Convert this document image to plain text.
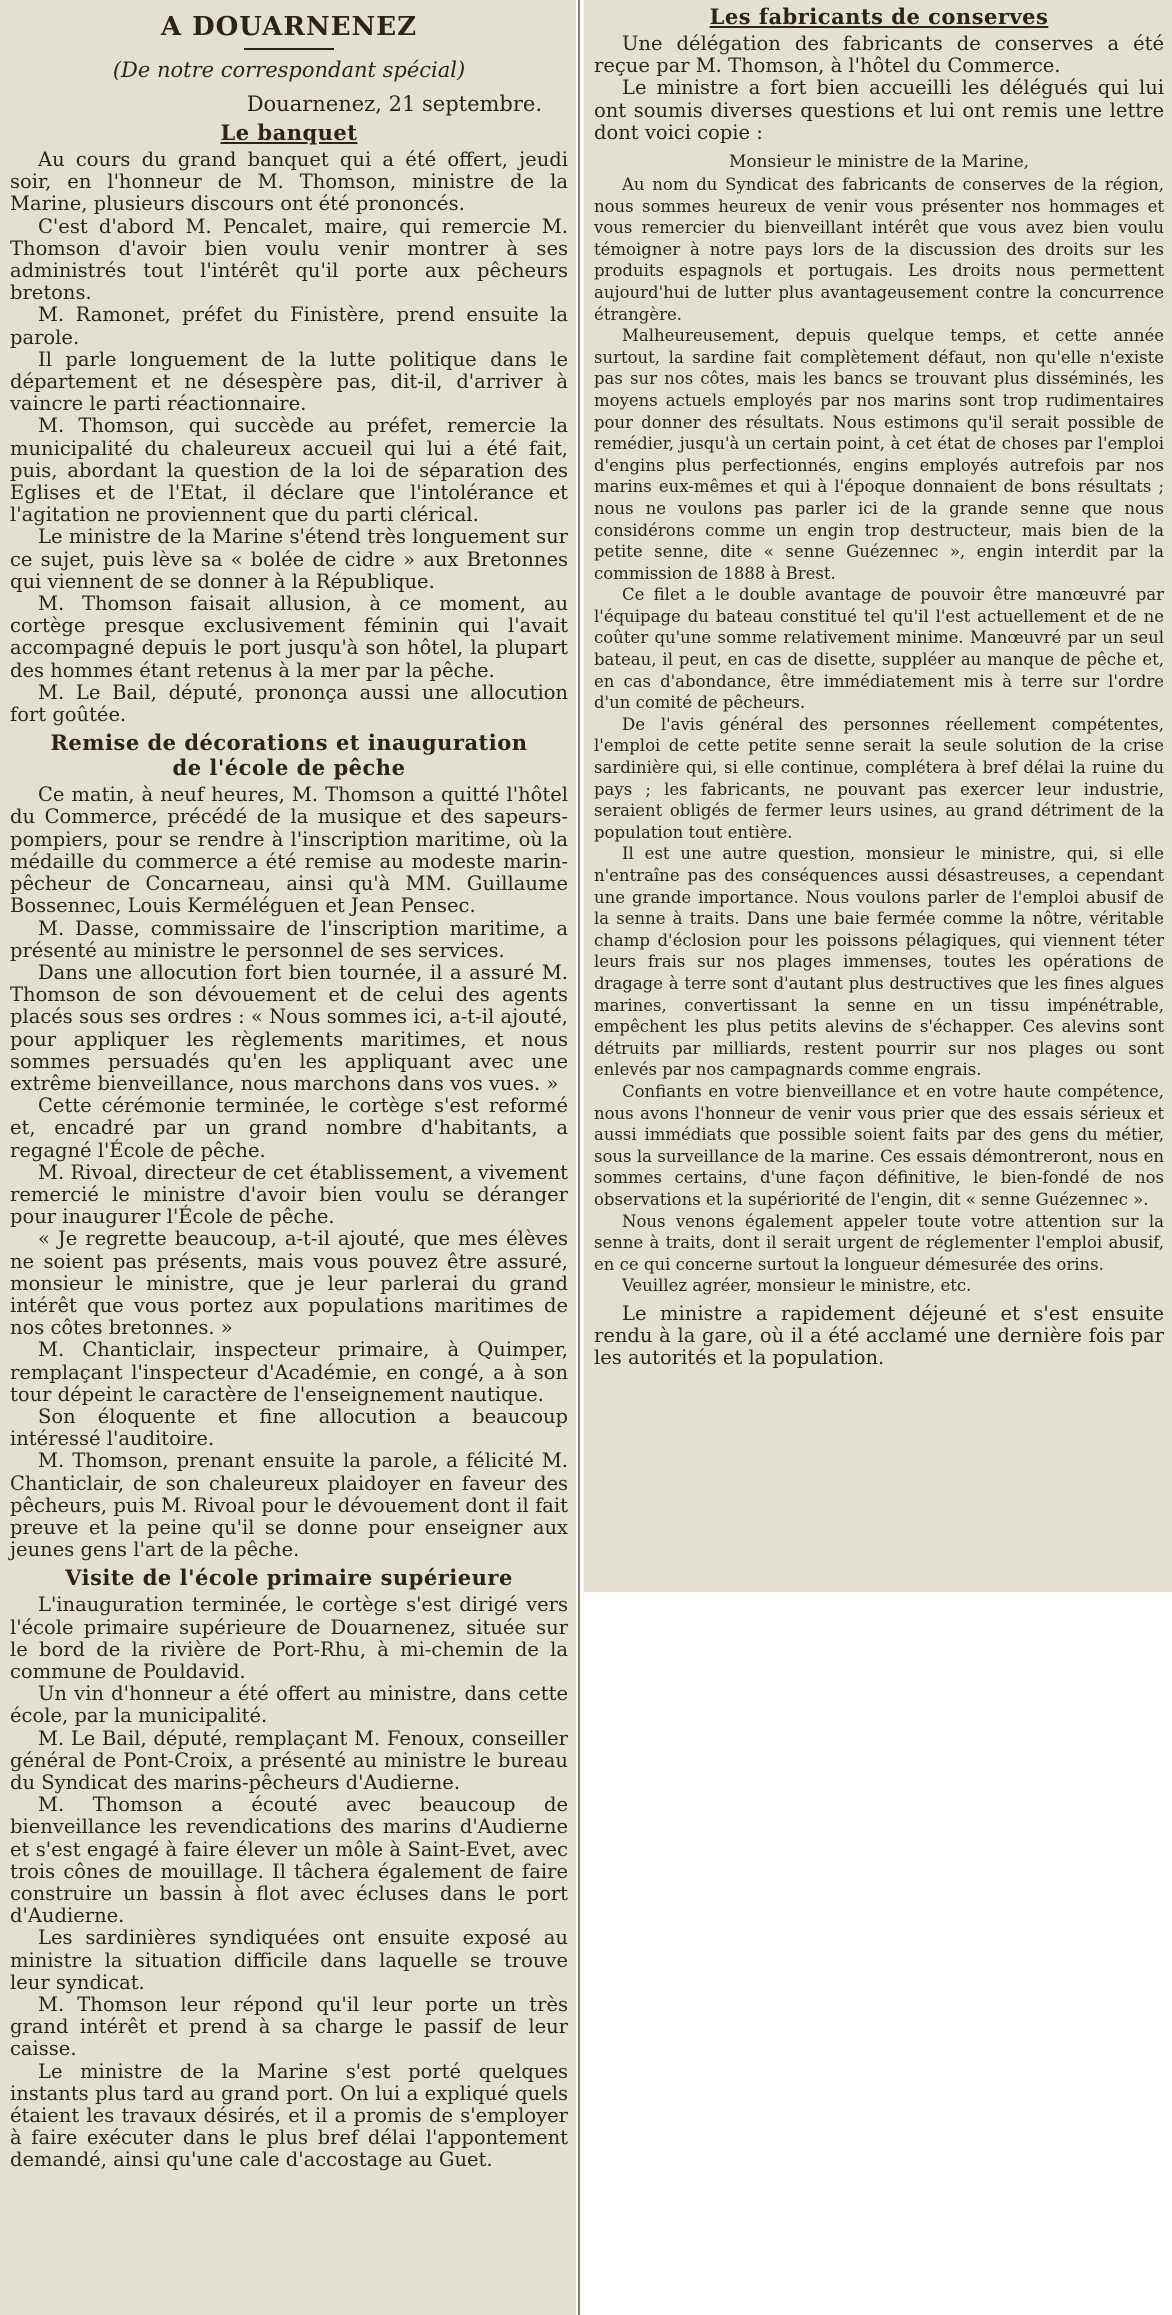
A DOUARNENEZ
(De notre correspondant spécial)
Douarnenez, 21 septembre.
Le banquet

Au cours du grand banquet qui a été offert, jeudi soir, en l'honneur de M. Thomson, ministre de la Marine, plusieurs discours ont été prononcés.

C'est d'abord M. Pencalet, maire, qui remercie M. Thomson d'avoir bien voulu venir montrer à ses administrés tout l'intérêt qu'il porte aux pêcheurs bretons.

M. Ramonet, préfet du Finistère, prend ensuite la parole.

Il parle longuement de la lutte politique dans le département et ne désespère pas, dit-il, d'arriver à vaincre le parti réactionnaire.

M. Thomson, qui succède au préfet, remercie la municipalité du chaleureux accueil qui lui a été fait, puis, abordant la question de la loi de séparation des Eglises et de l'Etat, il déclare que l'intolérance et l'agitation ne proviennent que du parti clérical.

Le ministre de la Marine s'étend très longuement sur ce sujet, puis lève sa « bolée de cidre » aux Bretonnes qui viennent de se donner à la République.

M. Thomson faisait allusion, à ce moment, au cortège presque exclusivement féminin qui l'avait accompagné depuis le port jusqu'à son hôtel, la plupart des hommes étant retenus à la mer par la pêche.

M. Le Bail, député, prononça aussi une allocution fort goûtée.

Remise de décorations et inauguration
de l'école de pêche

Ce matin, à neuf heures, M. Thomson a quitté l'hôtel du Commerce, précédé de la musique et des sapeurs-pompiers, pour se rendre à l'inscription maritime, où la médaille du commerce a été remise au modeste marin-pêcheur de Concarneau, ainsi qu'à MM. Guillaume Bossennec, Louis Kerméléguen et Jean Pensec.

M. Dasse, commissaire de l'inscription maritime, a présenté au ministre le personnel de ses services.

Dans une allocution fort bien tournée, il a assuré M. Thomson de son dévouement et de celui des agents placés sous ses ordres : « Nous sommes ici, a-t-il ajouté, pour appliquer les règlements maritimes, et nous sommes persuadés qu'en les appliquant avec une extrême bienveillance, nous marchons dans vos vues. »

Cette cérémonie terminée, le cortège s'est reformé et, encadré par un grand nombre d'habitants, a regagné l'École de pêche.

M. Rivoal, directeur de cet établissement, a vivement remercié le ministre d'avoir bien voulu se déranger pour inaugurer l'École de pêche.

« Je regrette beaucoup, a-t-il ajouté, que mes élèves ne soient pas présents, mais vous pouvez être assuré, monsieur le ministre, que je leur parlerai du grand intérêt que vous portez aux populations maritimes de nos côtes bretonnes. »

M. Chanticlair, inspecteur primaire, à Quimper, remplaçant l'inspecteur d'Académie, en congé, a à son tour dépeint le caractère de l'enseignement nautique.

Son éloquente et fine allocution a beaucoup intéressé l'auditoire.

M. Thomson, prenant ensuite la parole, a félicité M. Chanticlair, de son chaleureux plaidoyer en faveur des pêcheurs, puis M. Rivoal pour le dévouement dont il fait preuve et la peine qu'il se donne pour enseigner aux jeunes gens l'art de la pêche.

Visite de l'école primaire supérieure

L'inauguration terminée, le cortège s'est dirigé vers l'école primaire supérieure de Douarnenez, située sur le bord de la rivière de Port-Rhu, à mi-chemin de la commune de Pouldavid.

Un vin d'honneur a été offert au ministre, dans cette école, par la municipalité.

M. Le Bail, député, remplaçant M. Fenoux, conseiller général de Pont-Croix, a présenté au ministre le bureau du Syndicat des marins-pêcheurs d'Audierne.

M. Thomson a écouté avec beaucoup de bienveillance les revendications des marins d'Audierne et s'est engagé à faire élever un môle à Saint-Evet, avec trois cônes de mouillage. Il tâchera également de faire construire un bassin à flot avec écluses dans le port d'Audierne.

Les sardinières syndiquées ont ensuite exposé au ministre la situation difficile dans laquelle se trouve leur syndicat.

M. Thomson leur répond qu'il leur porte un très grand intérêt et prend à sa charge le passif de leur caisse.

Le ministre de la Marine s'est porté quelques instants plus tard au grand port. On lui a expliqué quels étaient les travaux désirés, et il a promis de s'employer à faire exécuter dans le plus bref délai l'appontement demandé, ainsi qu'une cale d'accostage au Guet.

Les fabricants de conserves

Une délégation des fabricants de conserves a été reçue par M. Thomson, à l'hôtel du Commerce.

Le ministre a fort bien accueilli les délégués qui lui ont soumis diverses questions et lui ont remis une lettre dont voici copie :

Monsieur le ministre de la Marine,

Au nom du Syndicat des fabricants de conserves de la région, nous sommes heureux de venir vous présenter nos hommages et vous remercier du bienveillant intérêt que vous avez bien voulu témoigner à notre pays lors de la discussion des droits sur les produits espagnols et portugais. Les droits nous permettent aujourd'hui de lutter plus avantageusement contre la concurrence étrangère.

Malheureusement, depuis quelque temps, et cette année surtout, la sardine fait complètement défaut, non qu'elle n'existe pas sur nos côtes, mais les bancs se trouvant plus disséminés, les moyens actuels employés par nos marins sont trop rudimentaires pour donner des résultats. Nous estimons qu'il serait possible de remédier, jusqu'à un certain point, à cet état de choses par l'emploi d'engins plus perfectionnés, engins employés autrefois par nos marins eux-mêmes et qui à l'époque donnaient de bons résultats ; nous ne voulons pas parler ici de la grande senne que nous considérons comme un engin trop destructeur, mais bien de la petite senne, dite « senne Guézennec », engin interdit par la commission de 1888 à Brest.

Ce filet a le double avantage de pouvoir être manœuvré par l'équipage du bateau constitué tel qu'il l'est actuellement et de ne coûter qu'une somme relativement minime. Manœuvré par un seul bateau, il peut, en cas de disette, suppléer au manque de pêche et, en cas d'abondance, être immédiatement mis à terre sur l'ordre d'un comité de pêcheurs.

De l'avis général des personnes réellement compétentes, l'emploi de cette petite senne serait la seule solution de la crise sardinière qui, si elle continue, complétera à bref délai la ruine du pays ; les fabricants, ne pouvant pas exercer leur industrie, seraient obligés de fermer leurs usines, au grand détriment de la population tout entière.

Il est une autre question, monsieur le ministre, qui, si elle n'entraîne pas des conséquences aussi désastreuses, a cependant une grande importance. Nous voulons parler de l'emploi abusif de la senne à traits. Dans une baie fermée comme la nôtre, véritable champ d'éclosion pour les poissons pélagiques, qui viennent téter leurs frais sur nos plages immenses, toutes les opérations de dragage à terre sont d'autant plus destructives que les fines algues marines, convertissant la senne en un tissu impénétrable, empêchent les plus petits alevins de s'échapper. Ces alevins sont détruits par milliards, restent pourrir sur nos plages ou sont enlevés par nos campagnards comme engrais.

Confiants en votre bienveillance et en votre haute compétence, nous avons l'honneur de venir vous prier que des essais sérieux et aussi immédiats que possible soient faits par des gens du métier, sous la surveillance de la marine. Ces essais démontreront, nous en sommes certains, d'une façon définitive, le bien-fondé de nos observations et la supériorité de l'engin, dit « senne Guézennec ».

Nous venons également appeler toute votre attention sur la senne à traits, dont il serait urgent de réglementer l'emploi abusif, en ce qui concerne surtout la longueur démesurée des orins.

Veuillez agréer, monsieur le ministre, etc.

Le ministre a rapidement déjeuné et s'est ensuite rendu à la gare, où il a été acclamé une dernière fois par les autorités et la population.
